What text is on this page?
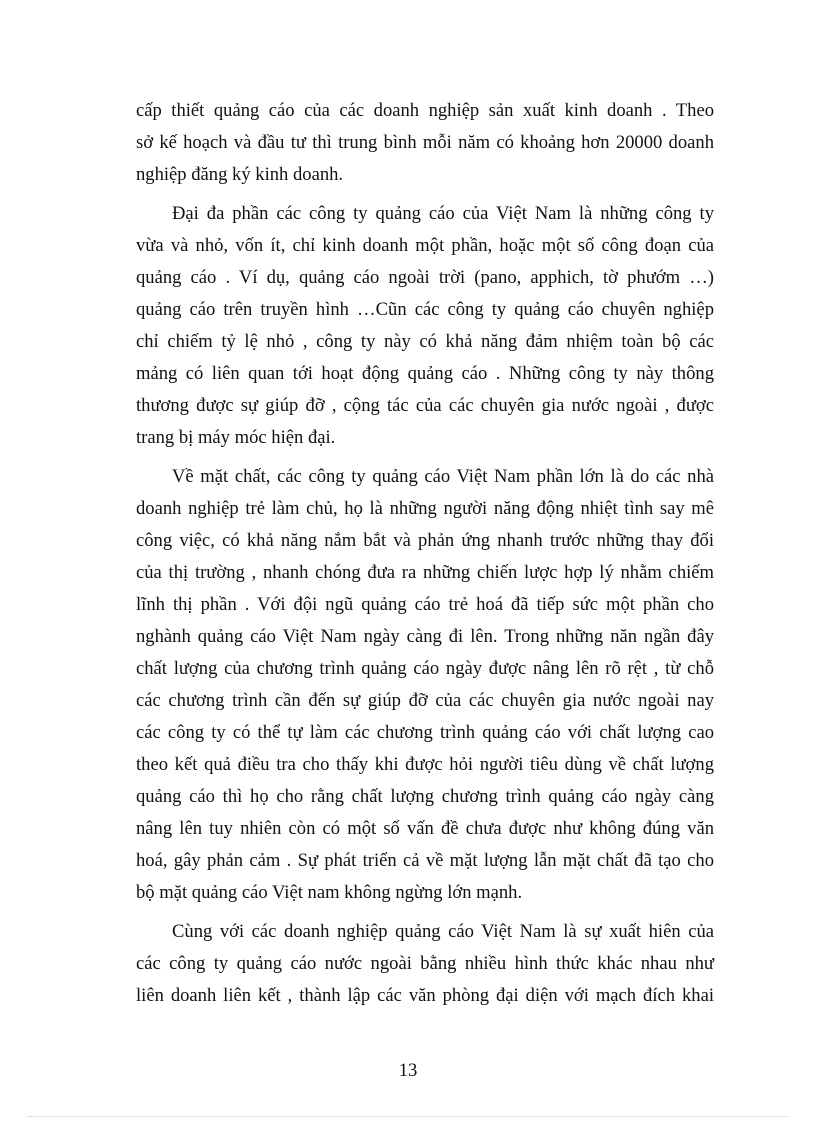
cấp thiết quảng cáo của các doanh nghiệp sản xuất kinh doanh . Theo
sở kế hoạch và đầu tư thì trung bình mỗi năm có khoảng hơn 20000 doanh
nghiệp đăng ký kinh doanh.

Đại đa phần các công ty quảng cáo của Việt Nam là những công ty
vừa và nhỏ, vốn ít, chỉ kinh doanh một phần, hoặc một số công đoạn của
quảng cáo . Ví dụ, quảng cáo ngoài trời (pano, apphich, tờ phướm …)
quảng cáo trên truyền hình …Cũn các công ty quảng cáo chuyên nghiệp
chỉ chiếm tỷ lệ nhỏ , công ty này có khả năng đảm nhiệm toàn bộ các
mảng có liên quan tới hoạt động quảng cáo . Những công ty này thông
thương được sự giúp đỡ , cộng tác của các chuyên gia nước ngoài , được
trang bị máy móc hiện đại.

Về mặt chất, các công ty quảng cáo Việt Nam phần lớn là do các nhà
doanh nghiệp trẻ làm chủ, họ là những người năng động nhiệt tình say mê
công việc, có khả năng nắm bắt và phản ứng nhanh trước những thay đổi
của thị trường , nhanh chóng đưa ra những chiến lược hợp lý nhằm chiếm
lĩnh thị phần . Với đội ngũ quảng cáo trẻ hoá đã tiếp sức một phần cho
nghành quảng cáo Việt Nam ngày càng đi lên. Trong những năn ngần đây
chất lượng của chương trình quảng cáo ngày được nâng lên rõ rệt , từ chỗ
các chương trình cần đến sự giúp đỡ của các chuyên gia nước ngoài nay
các công ty có thể tự làm các chương trình quảng cáo với chất lượng cao
theo kết quả điều tra cho thấy khi được hỏi người tiêu dùng về chất lượng
quảng cáo thì họ cho rằng chất lượng chương trình quảng cáo ngày càng
nâng lên tuy nhiên còn có một số vấn đề chưa được như không đúng văn
hoá, gây phản cảm . Sự phát triển cả về mặt lượng lẫn mặt chất đã tạo cho
bộ mặt quảng cáo Việt nam không ngừng lớn mạnh.

Cùng với các doanh nghiệp quảng cáo Việt Nam là sự xuất hiên của
các công ty quảng cáo nước ngoài bằng nhiều hình thức khác nhau như
liên doanh liên kết , thành lập các văn phòng đại diện với mạch đích khai

13
